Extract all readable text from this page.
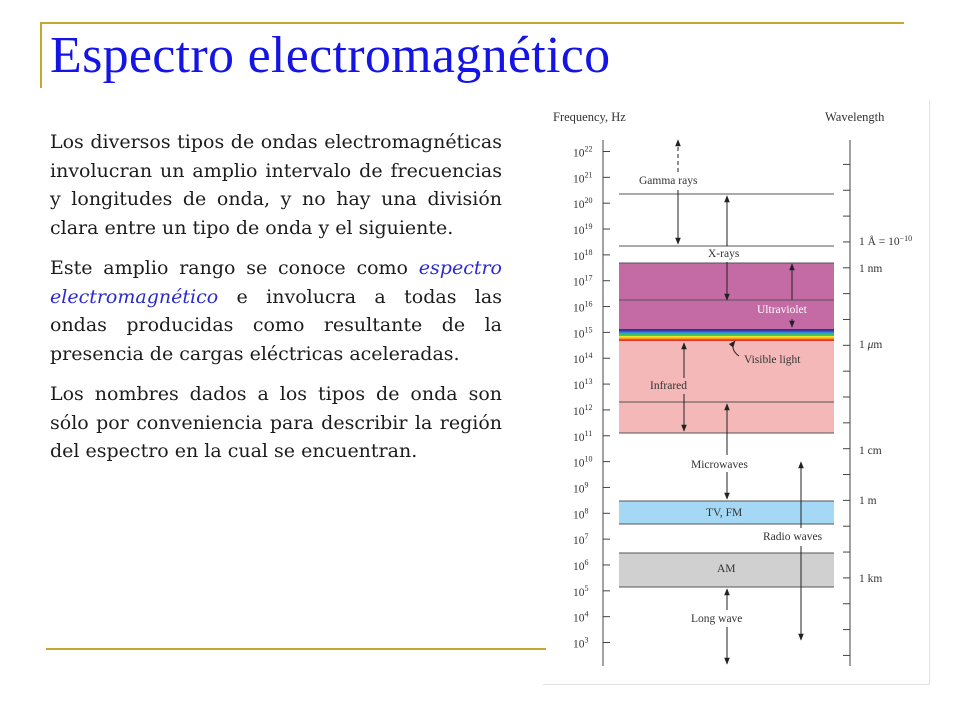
Espectro electromagnético

Los diversos tipos de ondas electromagnéticas involucran un amplio intervalo de frecuencias y longitudes de onda, y no hay una división clara entre un tipo de onda y el siguiente.

Este amplio rango se conoce como espectro electromagnético e involucra a todas las ondas producidas como resultante de la presencia de cargas eléctricas aceleradas.

Los nombres dados a los tipos de onda son sólo por conveniencia para describir la región del espectro en la cual se encuentran.

Frequency, Hz	Wavelength
$10^{22}$
$10^{21}$
$10^{20}$
$10^{19}$
$10^{18}$
$10^{17}$
$10^{16}$
$10^{15}$
$10^{14}$
$10^{13}$
$10^{12}$
$10^{11}$
$10^{10}$
$10^9$
$10^8$
$10^7$
$10^6$
$10^5$
$10^4$
$10^3$
1 Å = $10^{-10}$
1 nm
1 μm
1 cm
1 m
1 km
Gamma rays
X-rays
Ultraviolet
Visible light
Infrared
Microwaves
TV, FM
Radio waves
AM
Long wave
